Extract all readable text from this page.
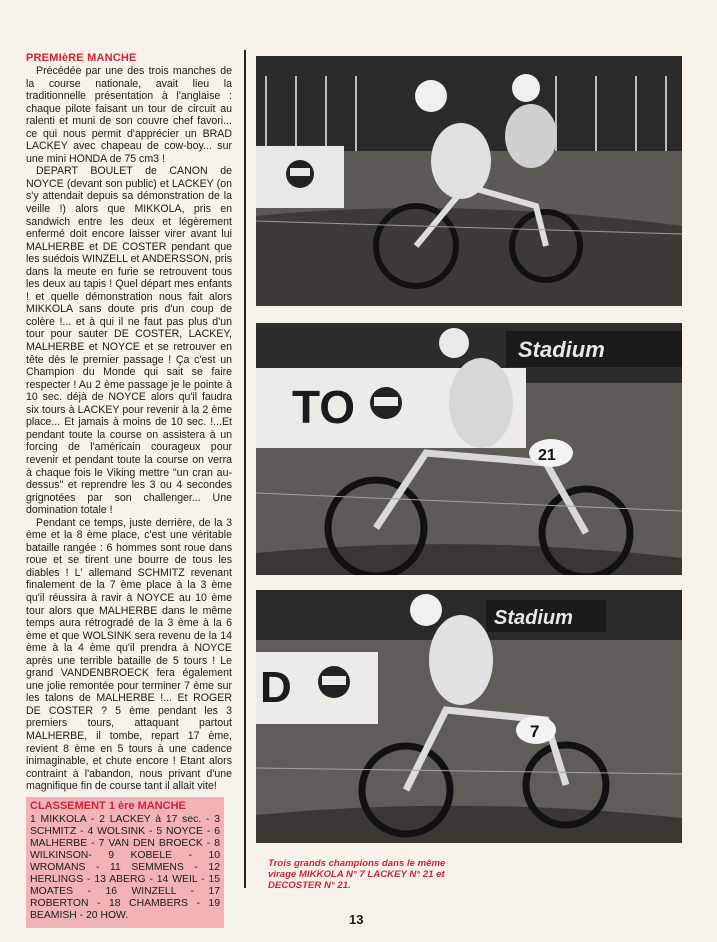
PREMIèRE MANCHE

Précédée par une des trois manches de la course nationale, avait lieu la traditionnelle présentation à l'anglaise : chaque pilote faisant un tour de circuit au ralenti et muni de son couvre chef favori... ce qui nous permit d'apprécier un BRAD LACKEY avec chapeau de cow-boy... sur une mini HONDA de 75 cm3 !

DEPART BOULET de CANON de NOYCE (devant son public) et LACKEY (on s'y attendait depuis sa démonstration de la veille !) alors que MIKKOLA, pris en sandwich entre les deux et légèrement enfermé doit encore laisser virer avant lui MALHERBE et DE COSTER pendant que les suédois WINZELL et ANDERSSON, pris dans la meute en furie se retrouvent tous les deux au tapis ! Quel départ mes enfants ! et quelle démonstration nous fait alors MIKKOLA sans doute pris d'un coup de colère !... et à qui il ne faut pas plus d'un tour pour sauter DE COSTER, LACKEY, MALHERBE et NOYCE et se retrouver en tête dès le premier passage ! Ça c'est un Champion du Monde qui sait se faire respecter ! Au 2 ème passage je le pointe à 10 sec. déjà de NOYCE alors qu'il faudra six tours à LACKEY pour revenir à la 2 ème place... Et jamais à moins de 10 sec. !...Et pendant toute la course on assistera à un forcing de l'américain courageux pour revenir et pendant toute la course on verra à chaque fois le Viking mettre "un cran au-dessus" et reprendre les 3 ou 4 secondes grignotées par son challenger... Une domination totale !

Pendant ce temps, juste derrière, de la 3 ème et la 8 ème place, c'est une véritable bataille rangée : 6 hommes sont roue dans roue et se tirent une bourre de tous les diables ! L' allemand SCHMITZ revenant finalement de la 7 ème place à la 3 ème qu'il réussira à ravir à NOYCE au 10 ème tour alors que MALHERBE dans le même temps aura rétrogradé de la 3 ème à la 6 ème et que WOLSINK sera revenu de la 14 ème à la 4 ème qu'il prendra à NOYCE après une terrible bataille de 5 tours ! Le grand VANDENBROECK fera également une jolie remontée pour terminer 7 ème sur les talons de MALHERBE !... Et ROGER DE COSTER ? 5 ème pendant les 3 premiers tours, attaquant partout MALHERBE, il tombe, repart 17 ème, revient 8 ème en 5 tours à une cadence inimaginable, et chute encore ! Etant alors contraint à l'abandon, nous privant d'une magnifique fin de course tant il allait vite!

CLASSEMENT 1 ère MANCHE

1 MIKKOLA - 2 LACKEY à 17 sec. - 3 SCHMITZ - 4 WOLSINK - 5 NOYCE - 6 MALHERBE - 7 VAN DEN BROECK - 8 WILKINSON- 9 KOBELE - 10 WROMANS - 11 SEMMENS - 12 HERLINGS - 13 ABERG - 14 WEIL - 15 MOATES - 16 WINZELL - 17 ROBERTON - 18 CHAMBERS - 19 BEAMISH - 20 HOW.

Stadium
TO
21
Stadium
D
7
Trois grands champions dans le même virage MIKKOLA N° 7 LACKEY N° 21 et DECOSTER N° 21.
13
